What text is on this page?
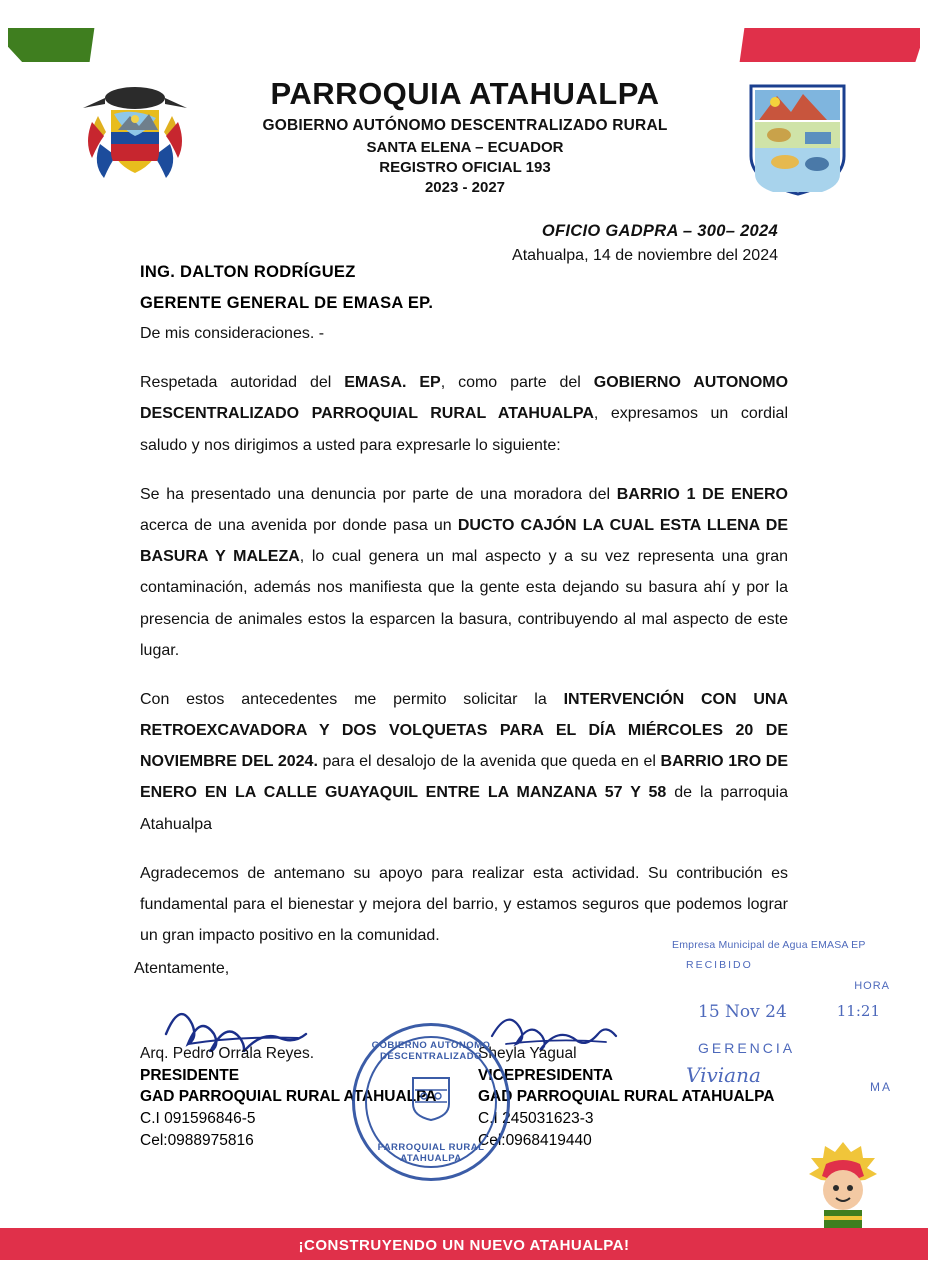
PARROQUIA ATAHUALPA
GOBIERNO AUTÓNOMO DESCENTRALIZADO RURAL
SANTA ELENA – ECUADOR
REGISTRO OFICIAL 193
2023 - 2027
OFICIO GADPRA – 300– 2024
Atahualpa, 14 de noviembre del 2024
ING. DALTON RODRÍGUEZ
GERENTE GENERAL DE EMASA EP.

De mis consideraciones. -

Respetada autoridad del EMASA. EP, como parte del GOBIERNO AUTONOMO DESCENTRALIZADO PARROQUIAL RURAL ATAHUALPA, expresamos un cordial saludo y nos dirigimos a usted para expresarle lo siguiente:

Se ha presentado una denuncia por parte de una moradora del BARRIO 1 DE ENERO acerca de una avenida por donde pasa un DUCTO CAJÓN LA CUAL ESTA LLENA DE BASURA Y MALEZA, lo cual genera un mal aspecto y a su vez representa una gran contaminación, además nos manifiesta que la gente esta dejando su basura ahí y por la presencia de animales estos la esparcen la basura, contribuyendo al mal aspecto de este lugar.

Con estos antecedentes me permito solicitar la INTERVENCIÓN CON UNA RETROEXCAVADORA Y DOS VOLQUETAS PARA EL DÍA MIÉRCOLES 20 DE NOVIEMBRE DEL 2024. para el desalojo de la avenida que queda en el BARRIO 1RO DE ENERO EN LA CALLE GUAYAQUIL ENTRE LA MANZANA 57 Y 58 de la parroquia Atahualpa

Agradecemos de antemano su apoyo para realizar esta actividad. Su contribución es fundamental para el bienestar y mejora del barrio, y estamos seguros que podemos lograr un gran impacto positivo en la comunidad.

Atentamente,
Arq. Pedro Orrala Reyes.
PRESIDENTE
GAD PARROQUIAL RURAL ATAHUALPA
C.I 091596846-5
Cel:0988975816
Sheyla Yagual
VICEPRESIDENTA
GAD PARROQUIAL RURAL ATAHUALPA
C.I 245031623-3
Cel:0968419440
GOBIERNO AUTONOMO DESCENTRALIZADO
PARROQUIAL RURAL ATAHUALPA
Empresa Municipal de Agua EMASA EP
RECIBIDO
HORA
15 Nov 24	11:21
GERENCIA
Viviana	MA
¡CONSTRUYENDO UN NUEVO ATAHUALPA!
